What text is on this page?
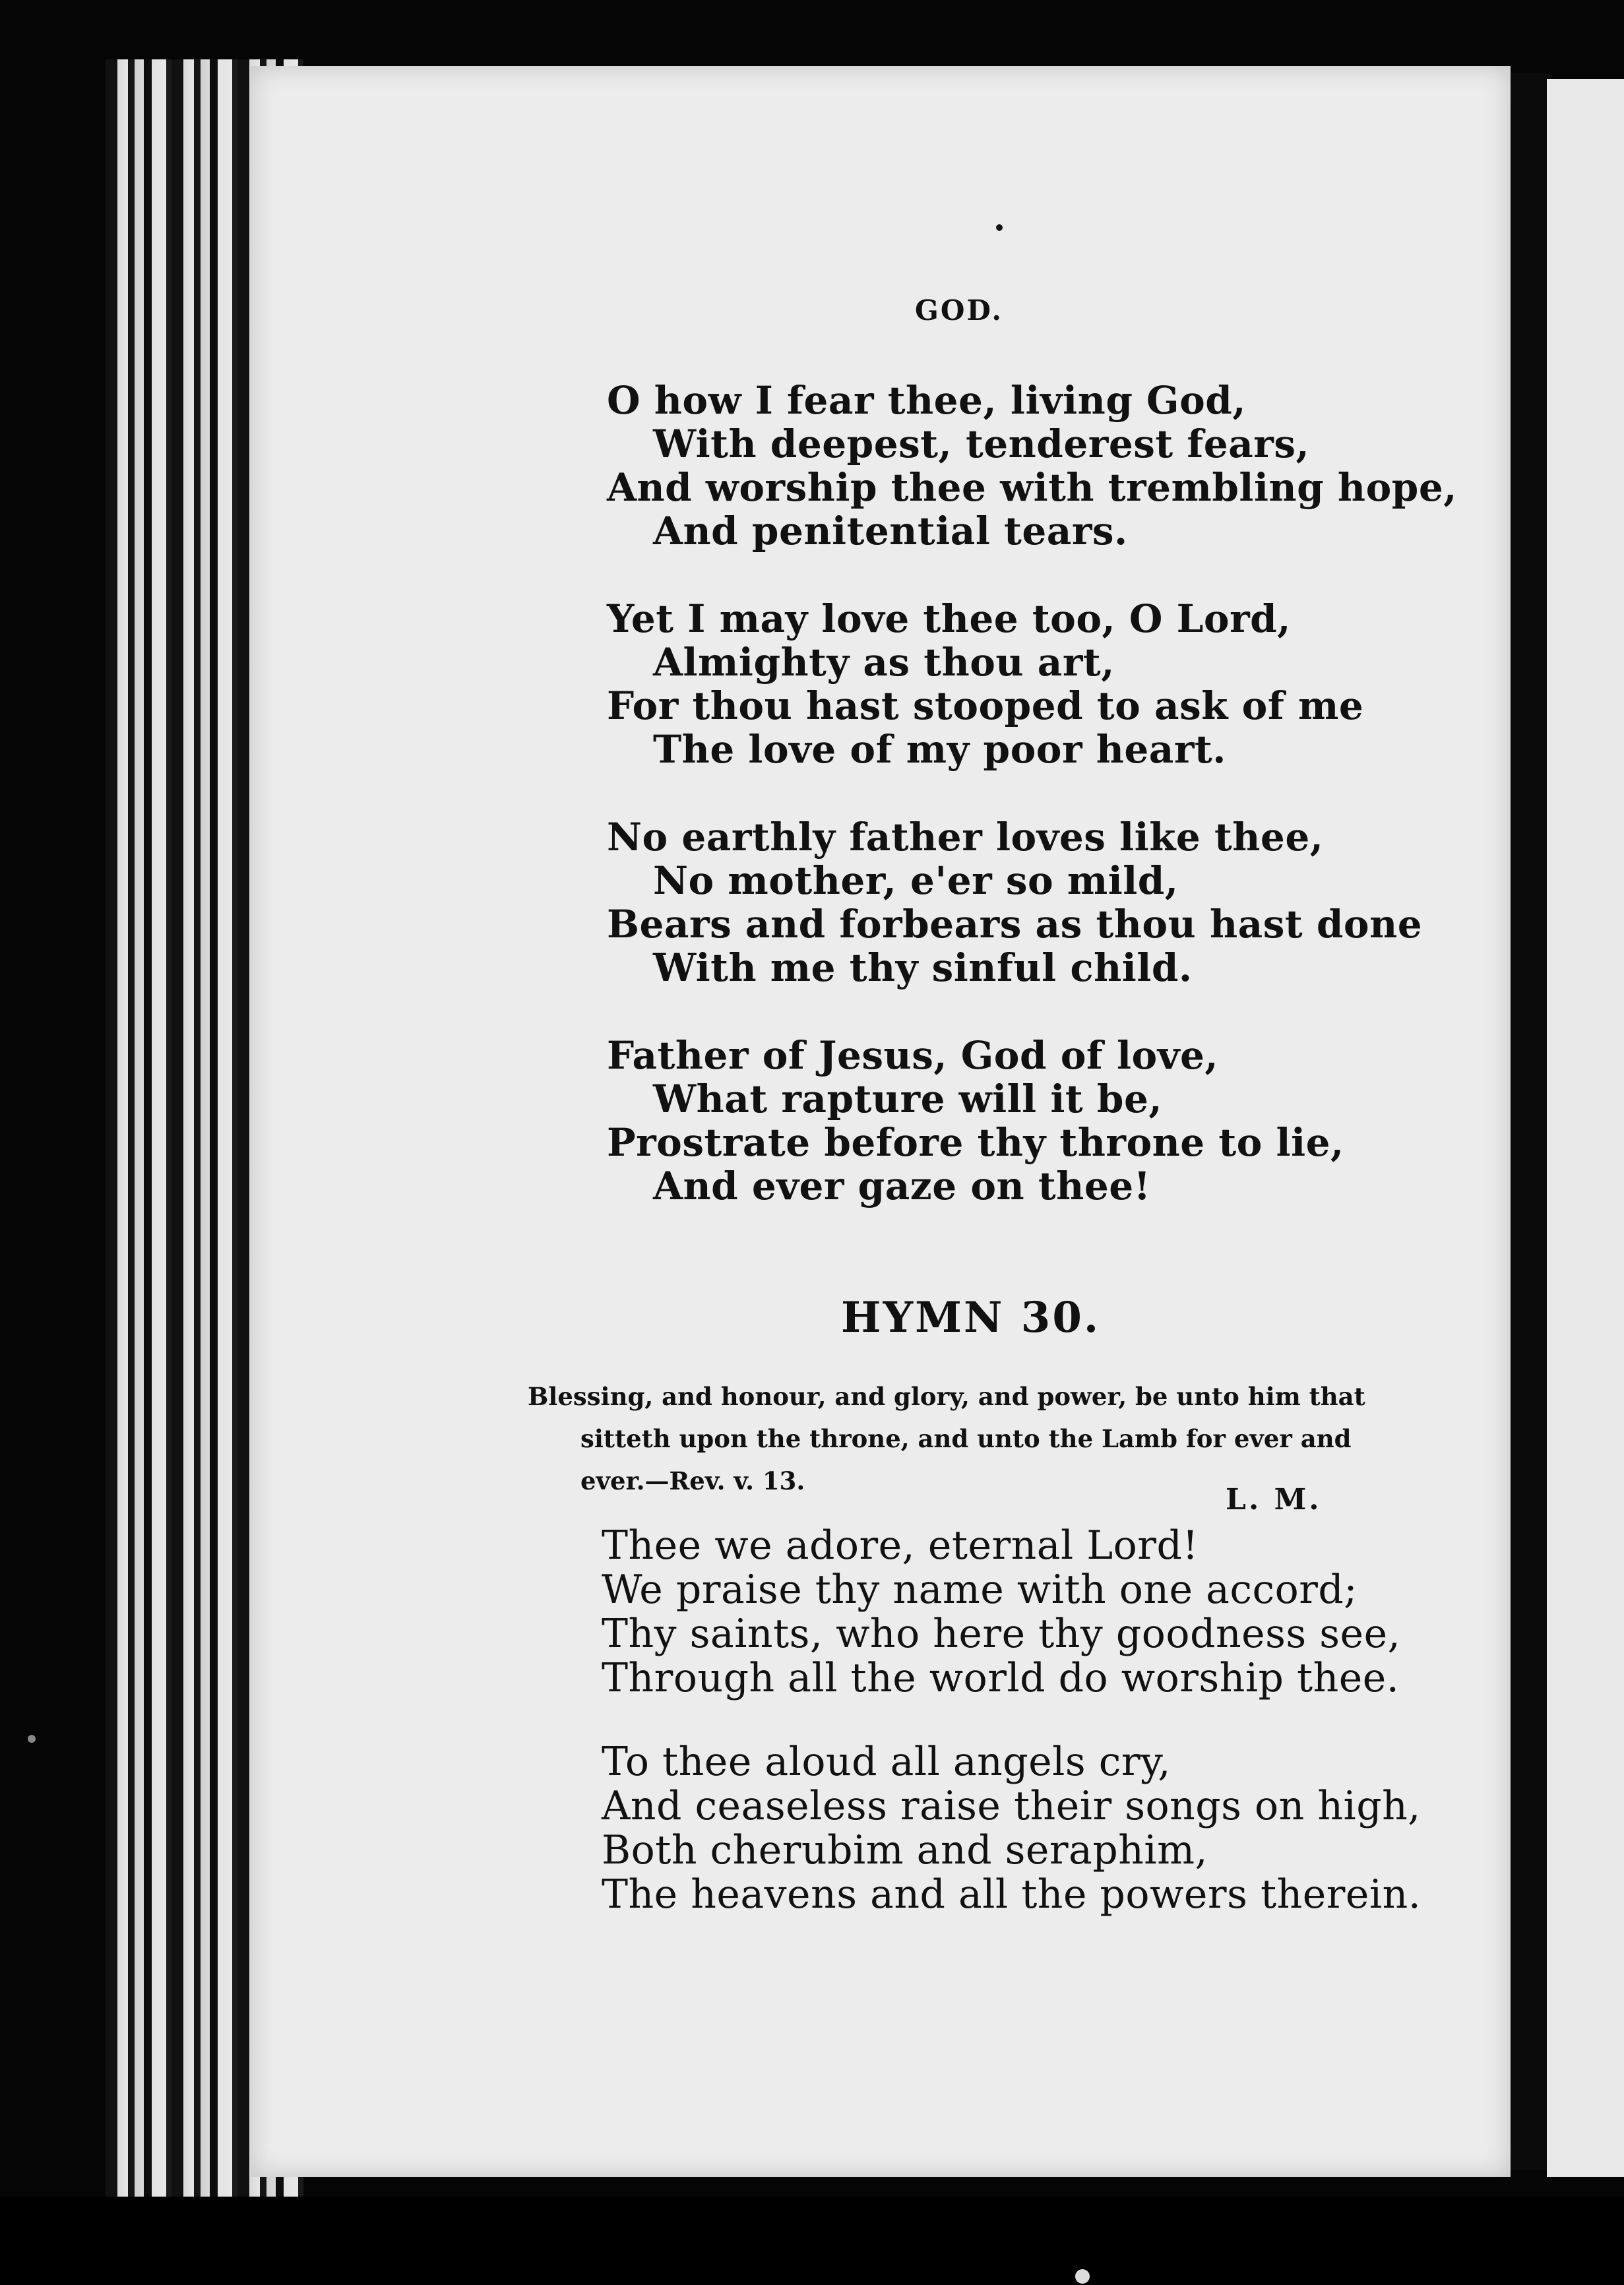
GOD.
O how I fear thee, living God,
With deepest, tenderest fears,
And worship thee with trembling hope,
And penitential tears.
Yet I may love thee too, O Lord,
Almighty as thou art,
For thou hast stooped to ask of me
The love of my poor heart.
No earthly father loves like thee,
No mother, e'er so mild,
Bears and forbears as thou hast done
With me thy sinful child.
Father of Jesus, God of love,
What rapture will it be,
Prostrate before thy throne to lie,
And ever gaze on thee!
HYMN 30.
Blessing, and honour, and glory, and power, be unto him that
sitteth upon the throne, and unto the Lamb for ever and
ever.—Rev. v. 13.
L. M.
Thee we adore, eternal Lord!
We praise thy name with one accord;
Thy saints, who here thy goodness see,
Through all the world do worship thee.
To thee aloud all angels cry,
And ceaseless raise their songs on high,
Both cherubim and seraphim,
The heavens and all the powers therein.
